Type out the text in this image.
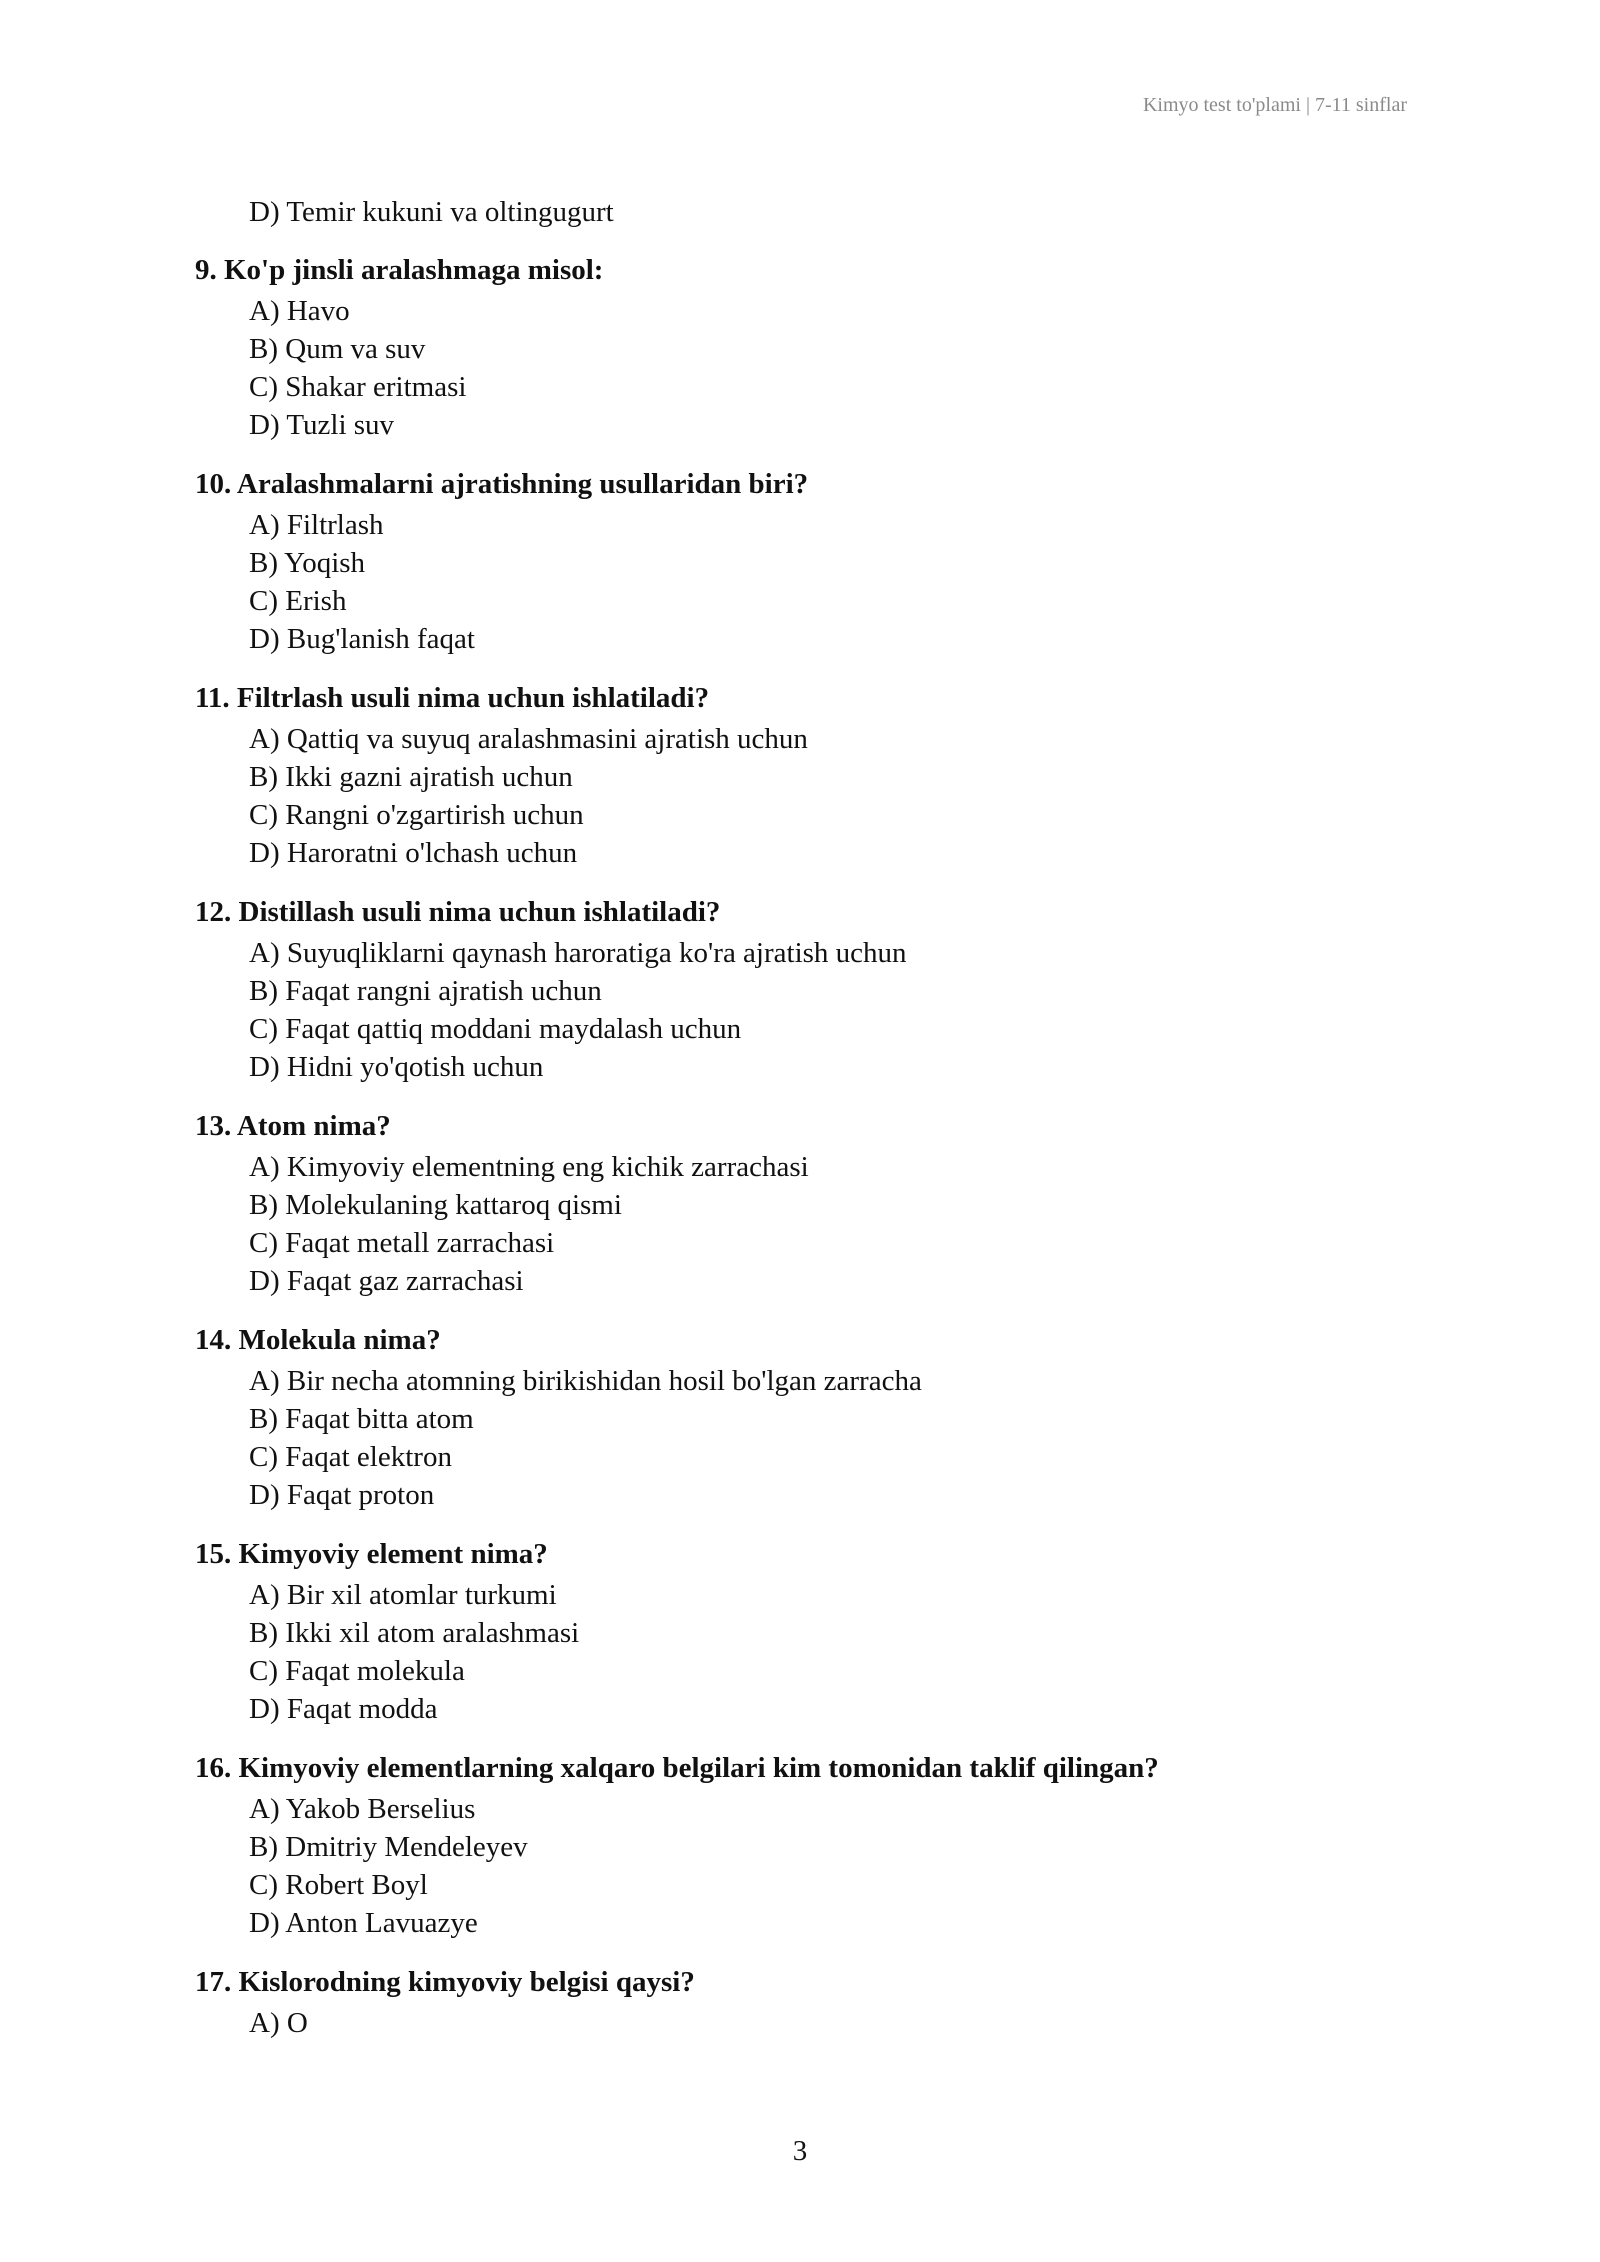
Kimyo test to'plami | 7-11 sinflar
D) Temir kukuni va oltingugurt
9. Ko'p jinsli aralashmaga misol:
A) Havo
B) Qum va suv
C) Shakar eritmasi
D) Tuzli suv
10. Aralashmalarni ajratishning usullaridan biri?
A) Filtrlash
B) Yoqish
C) Erish
D) Bug'lanish faqat
11. Filtrlash usuli nima uchun ishlatiladi?
A) Qattiq va suyuq aralashmasini ajratish uchun
B) Ikki gazni ajratish uchun
C) Rangni o'zgartirish uchun
D) Haroratni o'lchash uchun
12. Distillash usuli nima uchun ishlatiladi?
A) Suyuqliklarni qaynash haroratiga ko'ra ajratish uchun
B) Faqat rangni ajratish uchun
C) Faqat qattiq moddani maydalash uchun
D) Hidni yo'qotish uchun
13. Atom nima?
A) Kimyoviy elementning eng kichik zarrachasi
B) Molekulaning kattaroq qismi
C) Faqat metall zarrachasi
D) Faqat gaz zarrachasi
14. Molekula nima?
A) Bir necha atomning birikishidan hosil bo'lgan zarracha
B) Faqat bitta atom
C) Faqat elektron
D) Faqat proton
15. Kimyoviy element nima?
A) Bir xil atomlar turkumi
B) Ikki xil atom aralashmasi
C) Faqat molekula
D) Faqat modda
16. Kimyoviy elementlarning xalqaro belgilari kim tomonidan taklif qilingan?
A) Yakob Berselius
B) Dmitriy Mendeleyev
C) Robert Boyl
D) Anton Lavuazye
17. Kislorodning kimyoviy belgisi qaysi?
A) O
3
